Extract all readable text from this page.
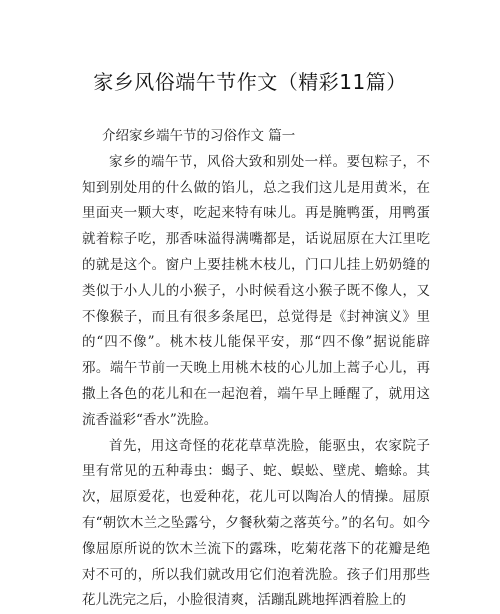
家乡风俗端午节作文（精彩11篇）

介绍家乡端午节的习俗作文 篇一

家乡的端午节，风俗大致和别处一样。要包粽子，不知到别处用的什么做的馅儿，总之我们这儿是用黄米，在里面夹一颗大枣，吃起来特有味儿。再是腌鸭蛋，用鸭蛋就着粽子吃，那香味溢得满嘴都是，话说屈原在大江里吃的就是这个。窗户上要挂桃木枝儿，门口儿挂上奶奶缝的类似于小人儿的小猴子，小时候看这小猴子既不像人，又不像猴子，而且有很多条尾巴，总觉得是《封神演义》里的“四不像”。桃木枝儿能保平安，那“四不像”据说能辟邪。端午节前一天晚上用桃木枝的心儿加上蒿子心儿，再撒上各色的花儿和在一起泡着，端午早上睡醒了，就用这流香溢彩“香水”洗脸。

首先，用这奇怪的花花草草洗脸，能驱虫，农家院子里有常见的五种毒虫：蝎子、蛇、蜈蚣、壁虎、蟾蜍。其次，屈原爱花，也爱种花，花儿可以陶冶人的情操。屈原有“朝饮木兰之坠露兮，夕餐秋菊之落英兮。”的名句。如今像屈原所说的饮木兰流下的露珠，吃菊花落下的花瓣是绝对不可的，所以我们就改用它们泡着洗脸。孩子们用那些花儿洗完之后，小脸很清爽，活蹦乱跳地挥洒着脸上的
